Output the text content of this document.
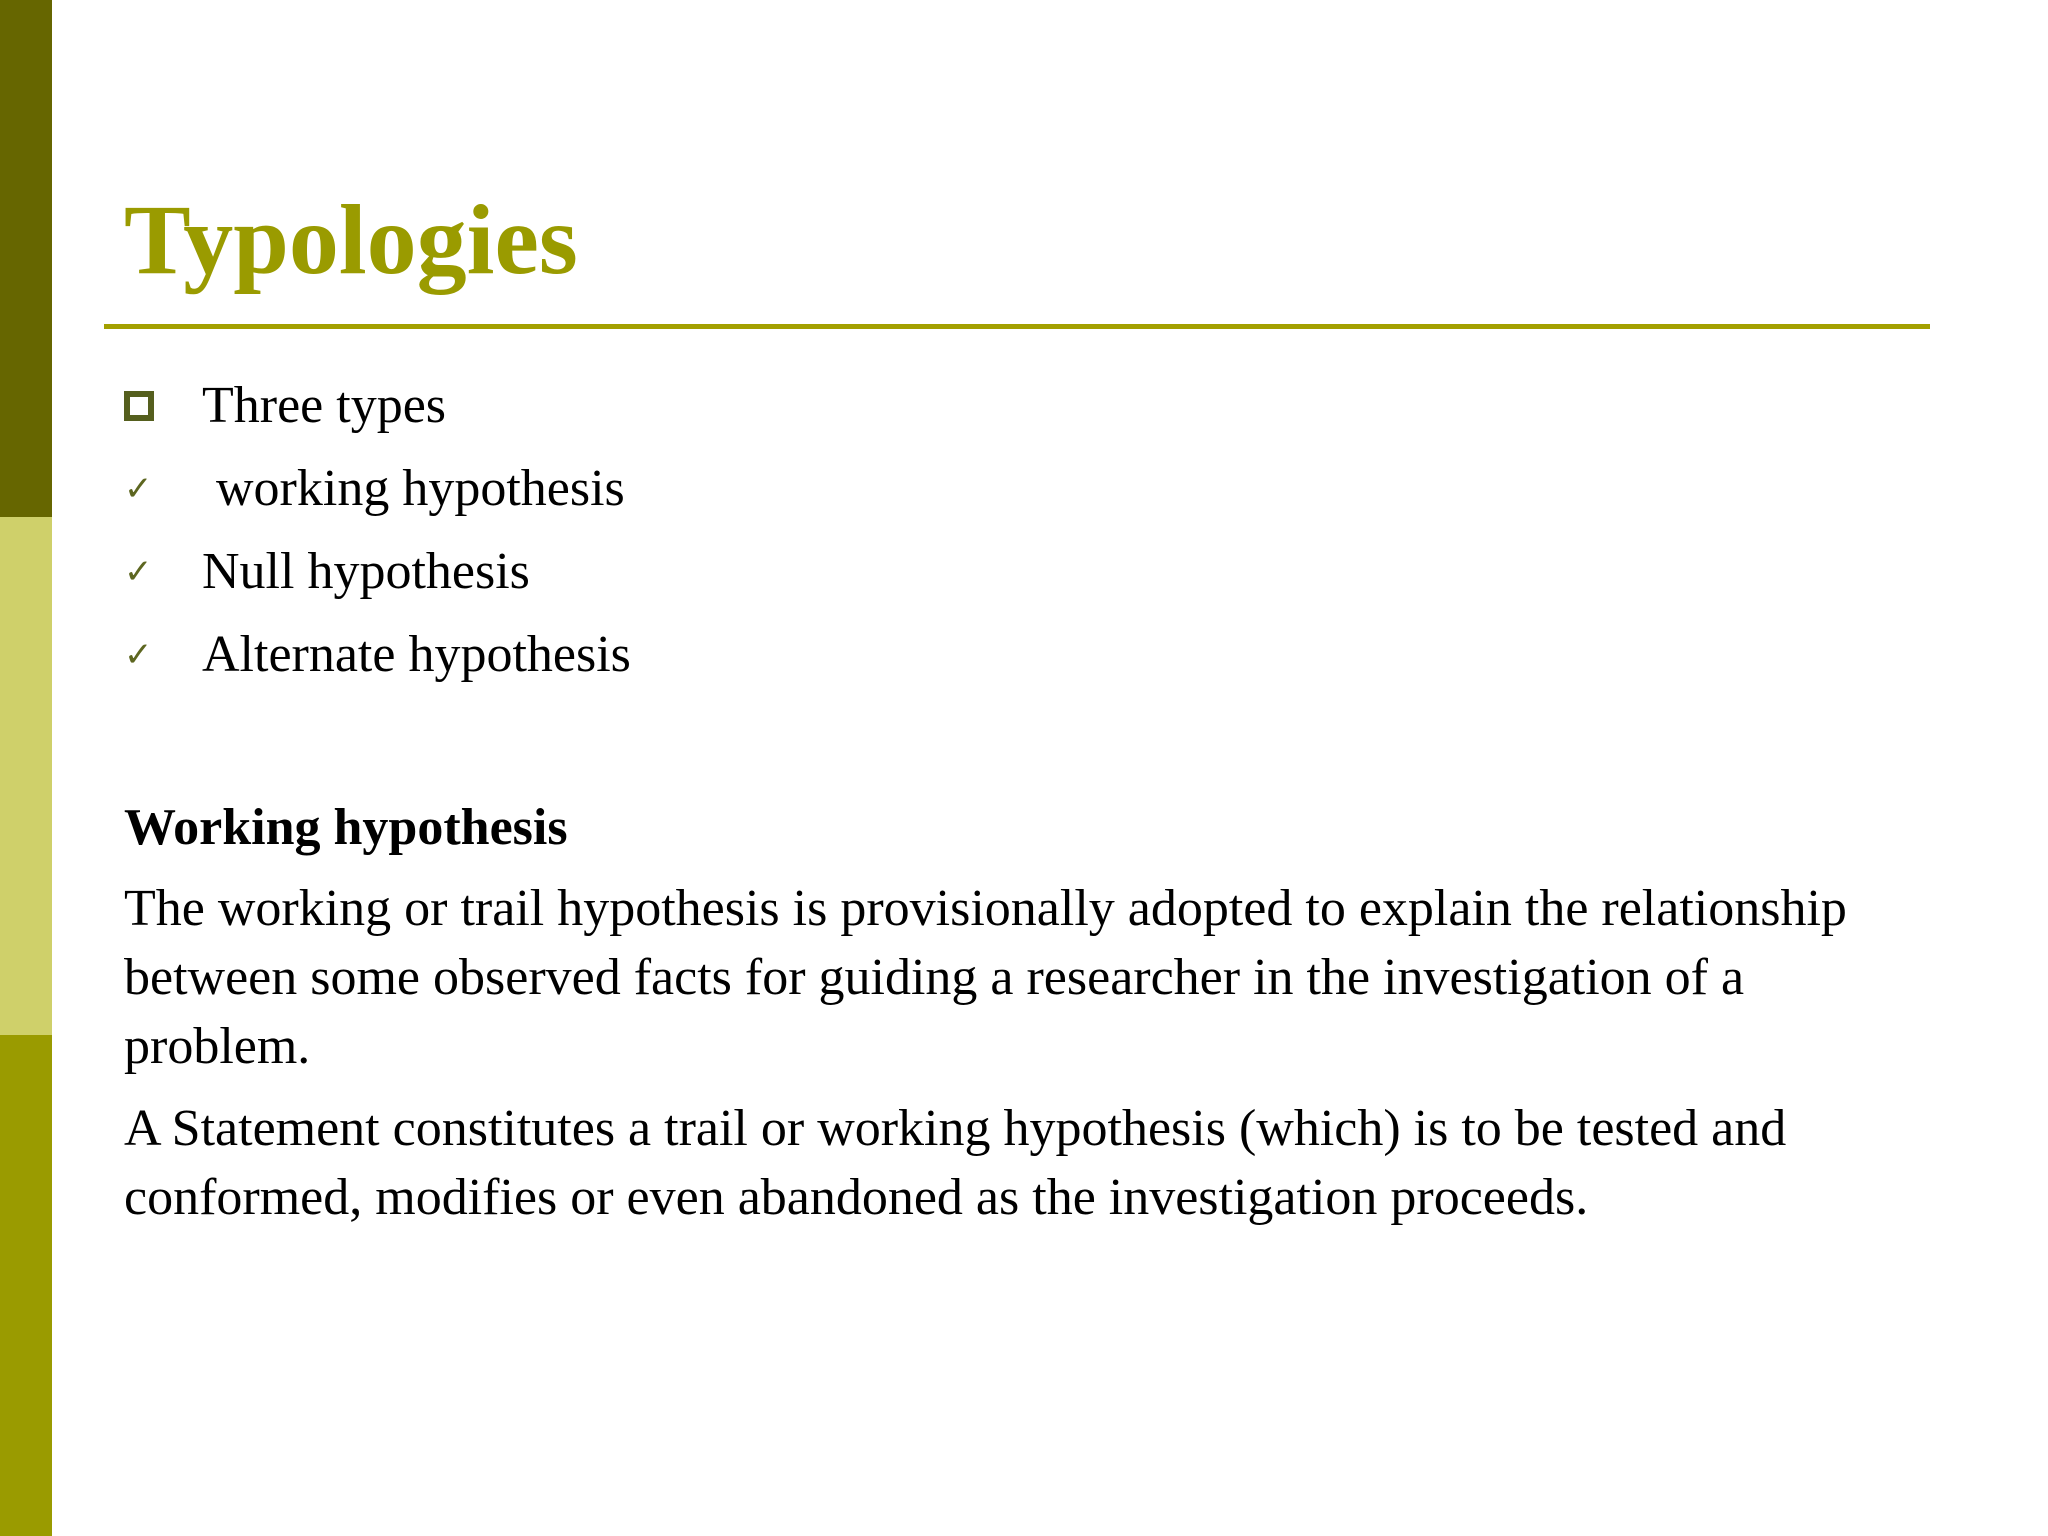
Typologies
Three types
✓ working hypothesis
✓ Null hypothesis
✓ Alternate hypothesis
Working hypothesis

The working or trail hypothesis is provisionally adopted to explain the relationship between some observed facts for guiding a researcher in the investigation of a problem.

A Statement constitutes a trail or working hypothesis (which) is to be tested and conformed, modifies or even abandoned as the investigation proceeds.
